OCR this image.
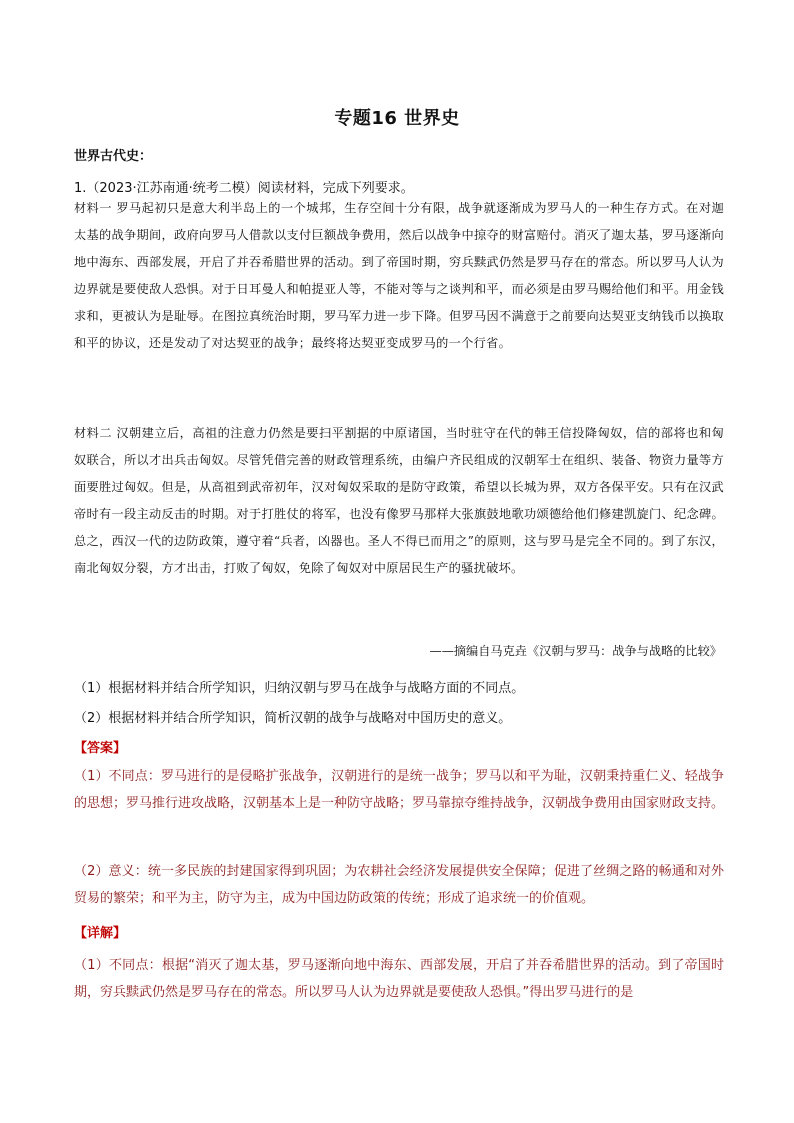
专题16 世界史
世界古代史：
1.（2023·江苏南通·统考二模）阅读材料，完成下列要求。
材料一 罗马起初只是意大利半岛上的一个城邦，生存空间十分有限，战争就逐渐成为罗马人的一种生存方式。在对迦太基的战争期间，政府向罗马人借款以支付巨额战争费用，然后以战争中掠夺的财富赔付。消灭了迦太基，罗马逐渐向地中海东、西部发展，开启了并吞希腊世界的活动。到了帝国时期，穷兵黩武仍然是罗马存在的常态。所以罗马人认为边界就是要使敌人恐惧。对于日耳曼人和帕提亚人等，不能对等与之谈判和平，而必须是由罗马赐给他们和平。用金钱求和，更被认为是耻辱。在图拉真统治时期，罗马军力进一步下降。但罗马因不满意于之前要向达契亚支纳钱币以换取和平的协议，还是发动了对达契亚的战争；最终将达契亚变成罗马的一个行省。
材料二 汉朝建立后，高祖的注意力仍然是要扫平割据的中原诸国，当时驻守在代的韩王信投降匈奴，信的部将也和匈奴联合，所以才出兵击匈奴。尽管凭借完善的财政管理系统，由编户齐民组成的汉朝军士在组织、装备、物资力量等方面要胜过匈奴。但是，从高祖到武帝初年，汉对匈奴采取的是防守政策，希望以长城为界，双方各保平安。只有在汉武帝时有一段主动反击的时期。对于打胜仗的将军，也没有像罗马那样大张旗鼓地歌功颂德给他们修建凯旋门、纪念碑。总之，西汉一代的边防政策，遵守着“兵者，凶器也。圣人不得已而用之”的原则，这与罗马是完全不同的。到了东汉，南北匈奴分裂，方才出击，打败了匈奴，免除了匈奴对中原居民生产的骚扰破坏。
——摘编自马克垚《汉朝与罗马：战争与战略的比较》
（1）根据材料并结合所学知识，归纳汉朝与罗马在战争与战略方面的不同点。
（2）根据材料并结合所学知识，简析汉朝的战争与战略对中国历史的意义。
【答案】
（1）不同点：罗马进行的是侵略扩张战争，汉朝进行的是统一战争；罗马以和平为耻，汉朝秉持重仁义、轻战争的思想；罗马推行进攻战略，汉朝基本上是一种防守战略；罗马靠掠夺维持战争，汉朝战争费用由国家财政支持。
（2）意义：统一多民族的封建国家得到巩固；为农耕社会经济发展提供安全保障；促进了丝绸之路的畅通和对外贸易的繁荣；和平为主，防守为主，成为中国边防政策的传统；形成了追求统一的价值观。
【详解】
（1）不同点：根据“消灭了迦太基，罗马逐渐向地中海东、西部发展，开启了并吞希腊世界的活动。到了帝国时期，穷兵黩武仍然是罗马存在的常态。所以罗马人认为边界就是要使敌人恐惧。”得出罗马进行的是
